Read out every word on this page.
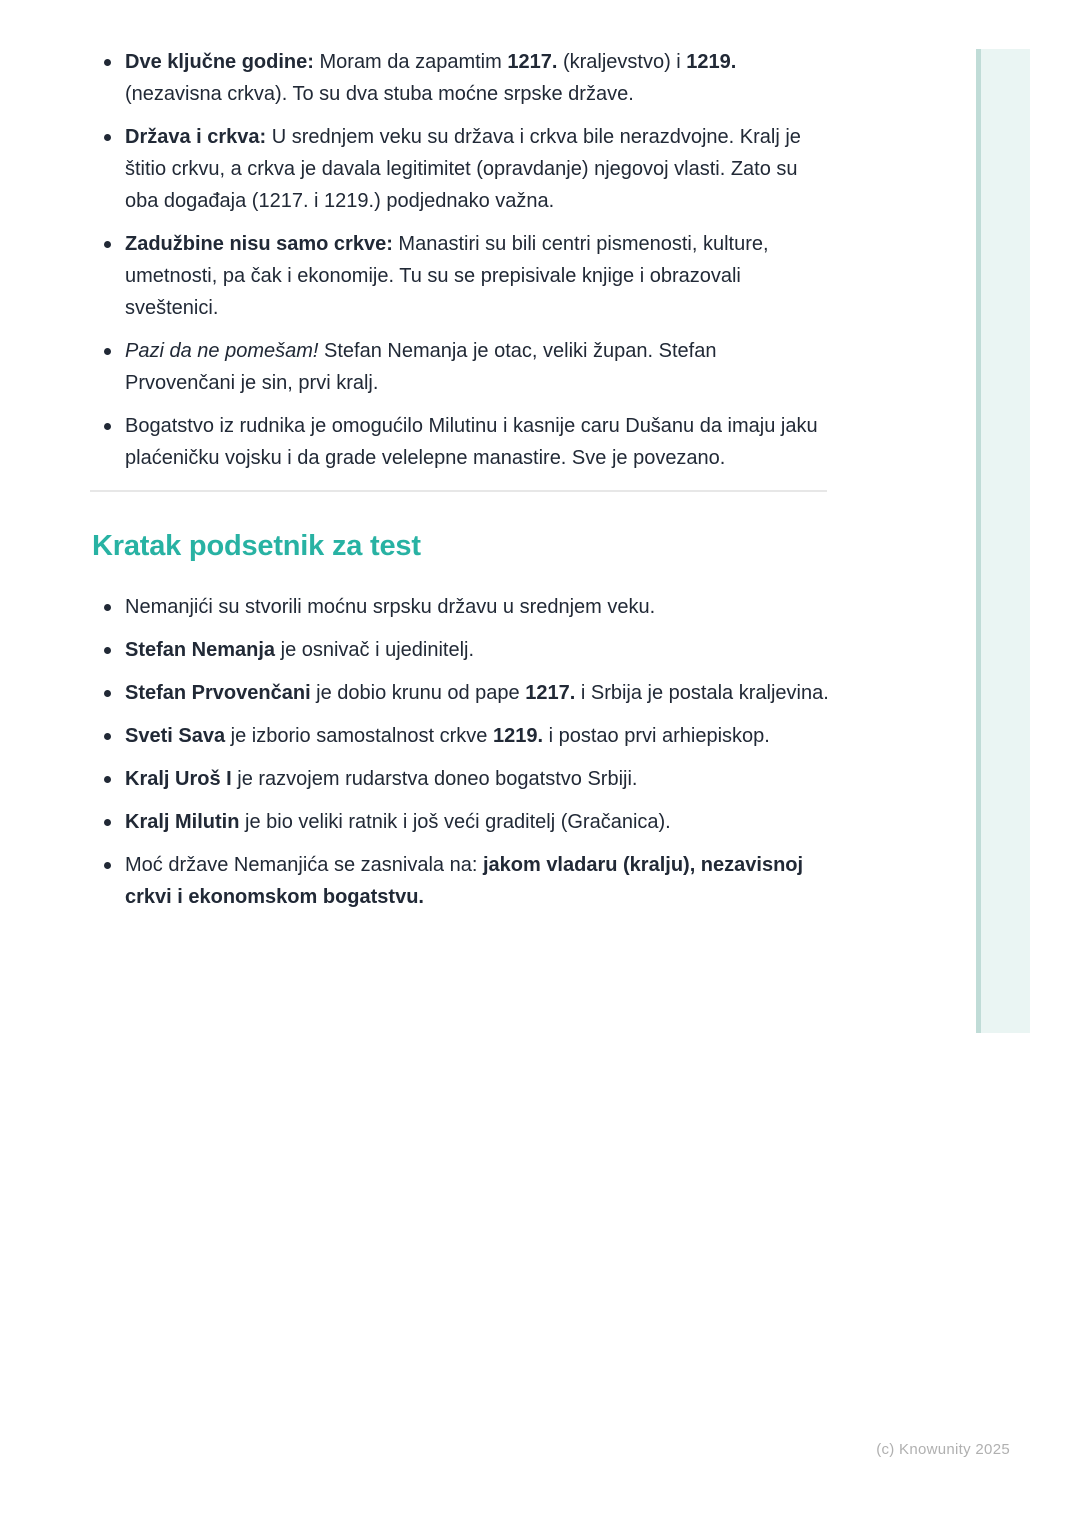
Dve ključne godine: Moram da zapamtim 1217. (kraljevstvo) i 1219. (nezavisna crkva). To su dva stuba moćne srpske države.
Država i crkva: U srednjem veku su država i crkva bile nerazdvojne. Kralj je štitio crkvu, a crkva je davala legitimitet (opravdanje) njegovoj vlasti. Zato su oba događaja (1217. i 1219.) podjednako važna.
Zadužbine nisu samo crkve: Manastiri su bili centri pismenosti, kulture, umetnosti, pa čak i ekonomije. Tu su se prepisivale knjige i obrazovali sveštenici.
Pazi da ne pomešam! Stefan Nemanja je otac, veliki župan. Stefan Prvovenčani je sin, prvi kralj.
Bogatstvo iz rudnika je omogućilo Milutinu i kasnije caru Dušanu da imaju jaku plaćeničku vojsku i da grade velelepne manastire. Sve je povezano.
Kratak podsetnik za test
Nemanjići su stvorili moćnu srpsku državu u srednjem veku.
Stefan Nemanja je osnivač i ujedinitelj.
Stefan Prvovenčani je dobio krunu od pape 1217. i Srbija je postala kraljevina.
Sveti Sava je izborio samostalnost crkve 1219. i postao prvi arhiepiskop.
Kralj Uroš I je razvojem rudarstva doneo bogatstvo Srbiji.
Kralj Milutin je bio veliki ratnik i još veći graditelj (Gračanica).
Moć države Nemanjića se zasnivala na: jakom vladaru (kralju), nezavisnoj crkvi i ekonomskom bogatstvu.
(c) Knowunity 2025
